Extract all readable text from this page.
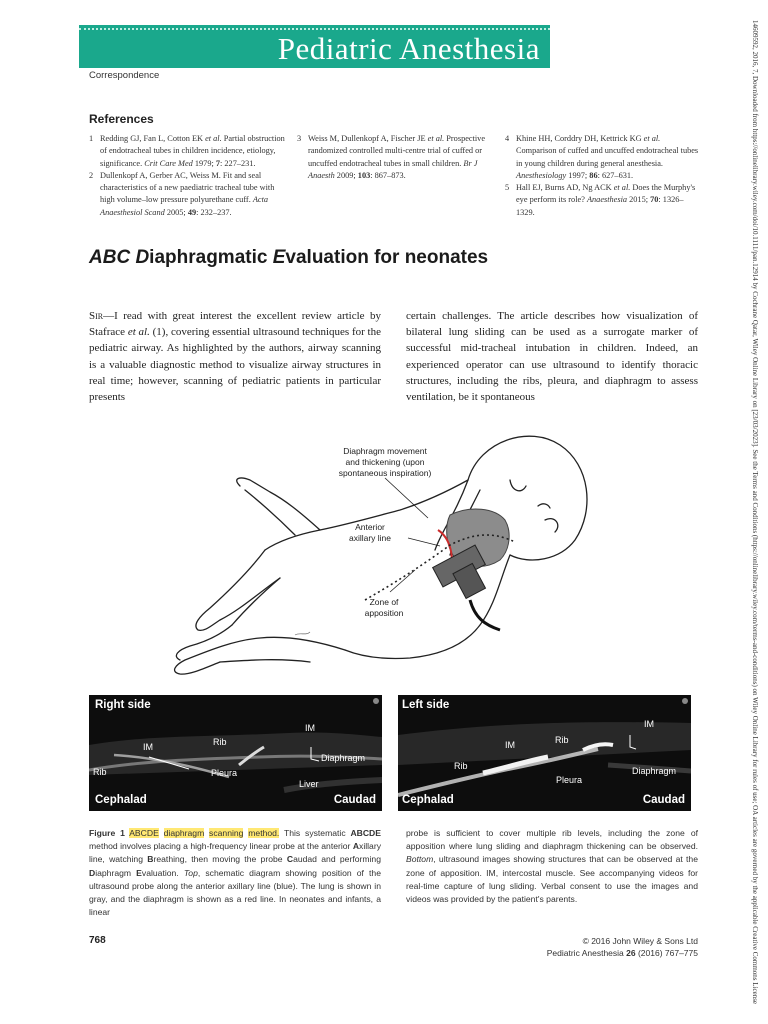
Pediatric Anesthesia
Correspondence
References
1 Redding GJ, Fan L, Cotton EK et al. Partial obstruction of endotracheal tubes in children incidence, etiology, significance. Crit Care Med 1979; 7: 227–231.
2 Dullenkopf A, Gerber AC, Weiss M. Fit and seal characteristics of a new paediatric tracheal tube with high volume–low pressure polyurethane cuff. Acta Anaesthesiol Scand 2005; 49: 232–237.
3 Weiss M, Dullenkopf A, Fischer JE et al. Prospective randomized controlled multi-centre trial of cuffed or uncuffed endotracheal tubes in small children. Br J Anaesth 2009; 103: 867–873.
4 Khine HH, Corddry DH, Kettrick KG et al. Comparison of cuffed and uncuffed endotracheal tubes in young children during general anesthesia. Anesthesiology 1997; 86: 627–631.
5 Hall EJ, Burns AD, Ng ACK et al. Does the Murphy's eye perform its role? Anaesthesia 2015; 70: 1326–1329.
ABC Diaphragmatic Evaluation for neonates
Sir—I read with great interest the excellent review article by Stafrace et al. (1), covering essential ultrasound techniques for the pediatric airway. As highlighted by the authors, airway scanning is a valuable diagnostic method to visualize airway structures in real time; however, scanning of pediatric patients in particular presents
certain challenges. The article describes how visualization of bilateral lung sliding can be used as a surrogate marker of successful mid-tracheal intubation in children. Indeed, an experienced operator can use ultrasound to identify thoracic structures, including the ribs, pleura, and diaphragm to assess ventilation, be it spontaneous
Diaphragm movement
and thickening (upon
spontaneous inspiration)
Anterior
axillary line
Zone of
apposition
Right side
IM
IM	Rib
Rib	Pleura
Diaphragm
Liver
Cephalad	Caudad
Left side
IM
IM	Rib
Rib
Pleura
Diaphragm
Cephalad	Caudad
Figure 1 ABCDE diaphragm scanning method. This systematic ABCDE method involves placing a high-frequency linear probe at the anterior Axillary line, watching Breathing, then moving the probe Caudad and performing Diaphragm Evaluation. Top, schematic diagram showing position of the ultrasound probe along the anterior axillary line (blue). The lung is shown in gray, and the diaphragm is shown as a red line. In neonates and infants, a linear
probe is sufficient to cover multiple rib levels, including the zone of apposition where lung sliding and diaphragm thickening can be observed. Bottom, ultrasound images showing structures that can be observed at the zone of apposition. IM, intercostal muscle. See accompanying videos for real-time capture of lung sliding. Verbal consent to use the images and videos was provided by the patient's parents.
768	© 2016 John Wiley & Sons Ltd
Pediatric Anesthesia 26 (2016) 767–775	14609592, 2016, 7, Downloaded from https://onlinelibrary.wiley.com/doi/10.1111/pan.12914 by Cochrane Qatar, Wiley Online Library on [23/03/2023]. See the Terms and Conditions (https://onlinelibrary.wiley.com/terms-and-conditions) on Wiley Online Library for rules of use; OA articles are governed by the applicable Creative Commons License
